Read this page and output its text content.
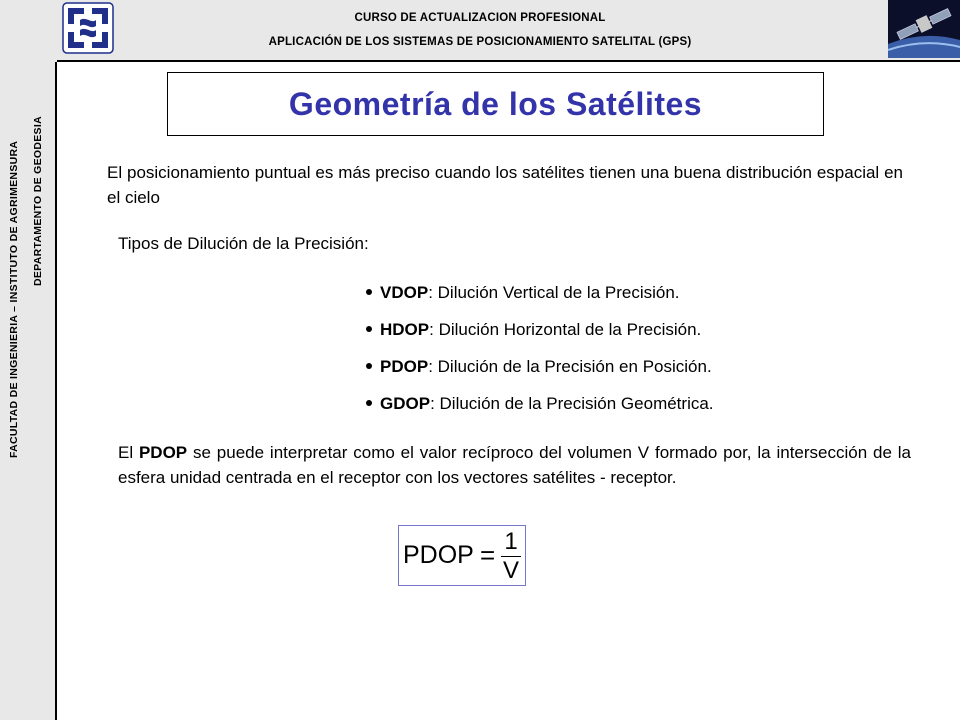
FACULTAD DE INGENIERIA – INSTITUTO DE AGRIMENSURA DEPARTAMENTO DE GEODESIA
CURSO DE ACTUALIZACION PROFESIONAL
APLICACIÓN DE LOS SISTEMAS DE POSICIONAMIENTO SATELITAL (GPS)
Geometría de los Satélites
El posicionamiento puntual es más preciso cuando los satélites tienen una buena distribución espacial en el cielo
Tipos de Dilución de la Precisión:
VDOP: Dilución Vertical de la Precisión.
HDOP: Dilución Horizontal de la Precisión.
PDOP: Dilución de la Precisión en Posición.
GDOP: Dilución de la Precisión Geométrica.
El PDOP se puede interpretar como el valor recíproco del volumen V formado por, la intersección de la esfera unidad centrada en el receptor con los vectores satélites - receptor.
PDOP = 1
V
